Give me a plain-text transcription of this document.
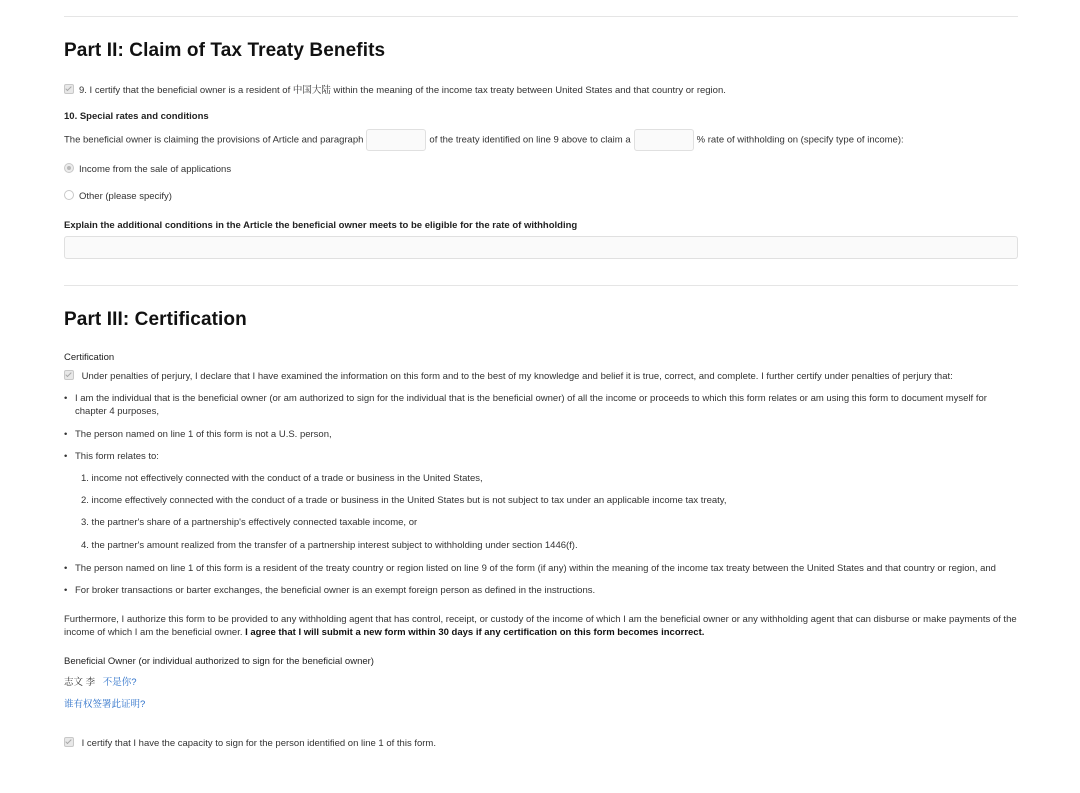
Part II: Claim of Tax Treaty Benefits
9. I certify that the beneficial owner is a resident of 中国大陆 within the meaning of the income tax treaty between United States and that country or region.
10. Special rates and conditions
The beneficial owner is claiming the provisions of Article and paragraph	of the treaty identified on line 9 above to claim a	% rate of withholding on (specify type of income):
Income from the sale of applications
Other (please specify)
Explain the additional conditions in the Article the beneficial owner meets to be eligible for the rate of withholding
Part III: Certification
Certification
Under penalties of perjury, I declare that I have examined the information on this form and to the best of my knowledge and belief it is true, correct, and complete. I further certify under penalties of perjury that:
• I am the individual that is the beneficial owner (or am authorized to sign for the individual that is the beneficial owner) of all the income or proceeds to which this form relates or am using this form to document myself for chapter 4 purposes,
• The person named on line 1 of this form is not a U.S. person,
• This form relates to:
1. income not effectively connected with the conduct of a trade or business in the United States,
2. income effectively connected with the conduct of a trade or business in the United States but is not subject to tax under an applicable income tax treaty,
3. the partner's share of a partnership's effectively connected taxable income, or
4. the partner's amount realized from the transfer of a partnership interest subject to withholding under section 1446(f).
• The person named on line 1 of this form is a resident of the treaty country or region listed on line 9 of the form (if any) within the meaning of the income tax treaty between the United States and that country or region, and
• For broker transactions or barter exchanges, the beneficial owner is an exempt foreign person as defined in the instructions.
Furthermore, I authorize this form to be provided to any withholding agent that has control, receipt, or custody of the income of which I am the beneficial owner or any withholding agent that can disburse or make payments of the income of which I am the beneficial owner. I agree that I will submit a new form within 30 days if any certification on this form becomes incorrect.
Beneficial Owner (or individual authorized to sign for the beneficial owner)
志文 李 不是你?
谁有权签署此证明?
I certify that I have the capacity to sign for the person identified on line 1 of this form.
